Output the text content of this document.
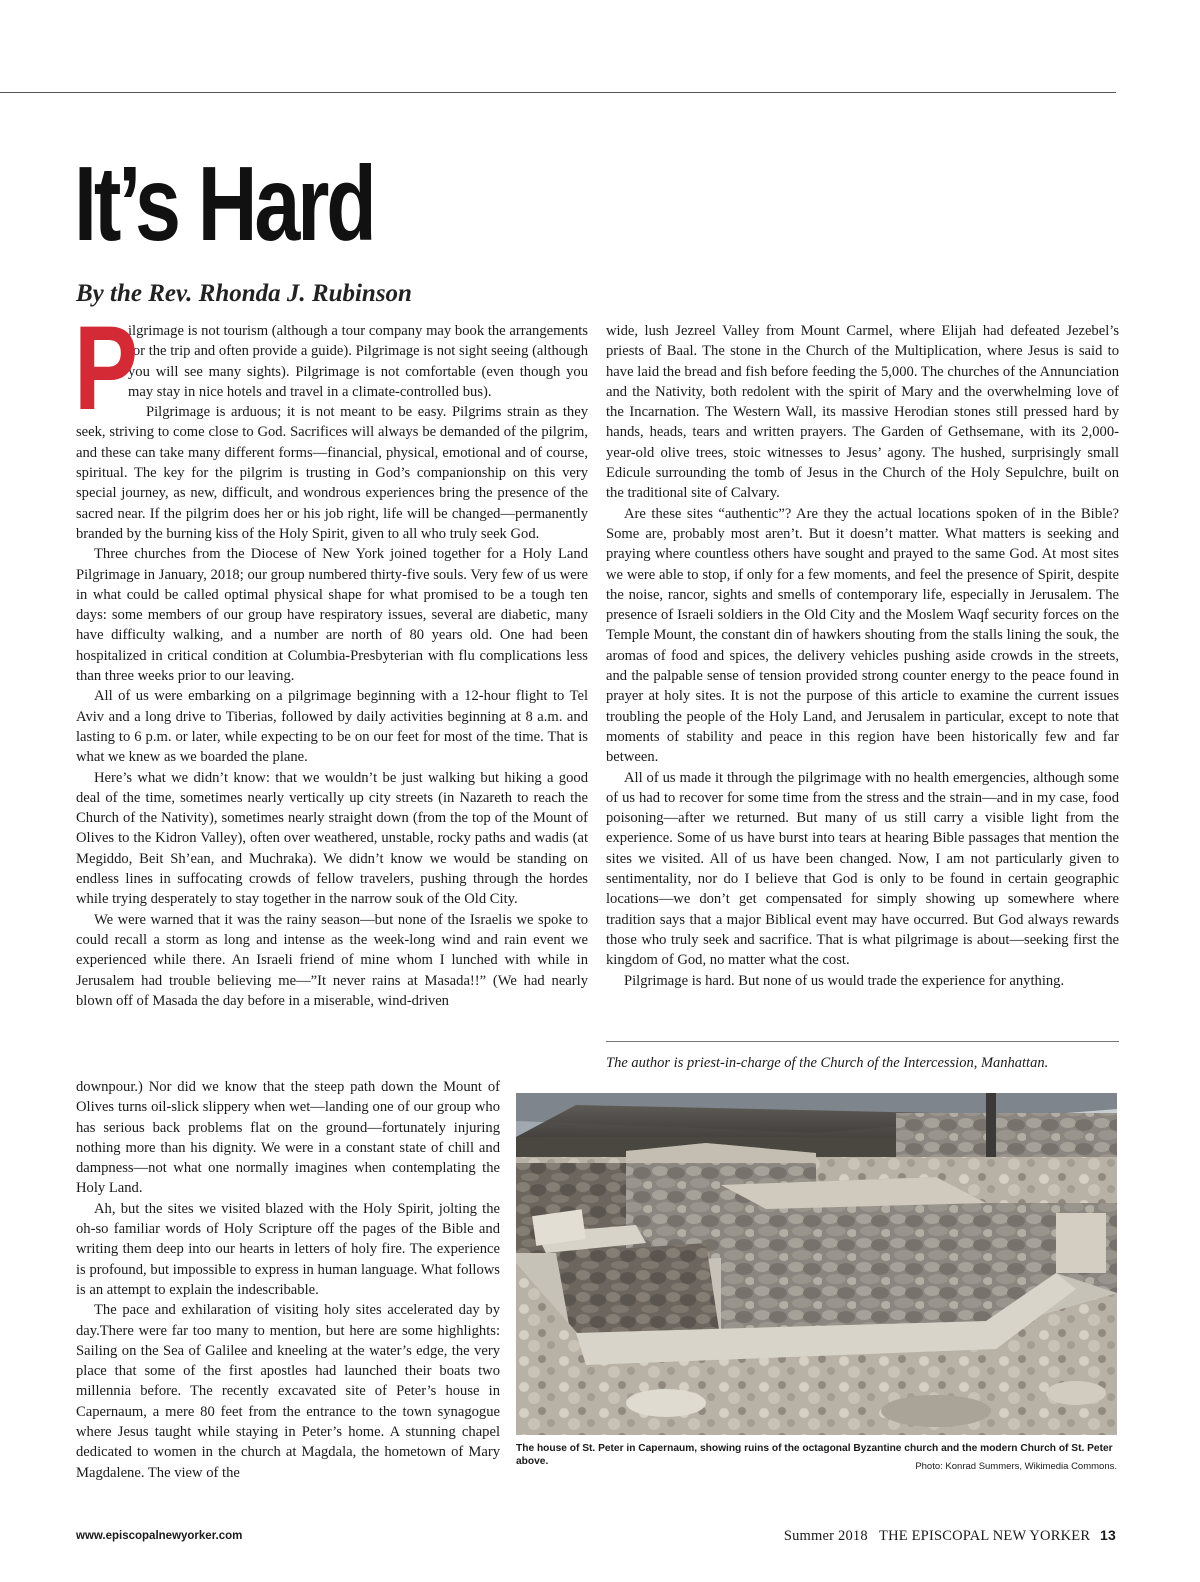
It’s Hard
By the Rev. Rhonda J. Rubinson

P
ilgrimage is not tourism (although a tour company may book the arrangements for the trip and often provide a guide). Pilgrimage is not sight seeing (although you will see many sights). Pilgrimage is not comfortable (even though you may stay in nice hotels and travel in a climate-controlled bus).

Pilgrimage is arduous; it is not meant to be easy. Pilgrims strain as they seek, striving to come close to God. Sacrifices will always be demanded of the pilgrim, and these can take many different forms—financial, physical, emotional and of course, spiritual. The key for the pilgrim is trusting in God’s companionship on this very special journey, as new, difficult, and wondrous experiences bring the presence of the sacred near. If the pilgrim does her or his job right, life will be changed—permanently branded by the burning kiss of the Holy Spirit, given to all who truly seek God.

Three churches from the Diocese of New York joined together for a Holy Land Pilgrimage in January, 2018; our group numbered thirty-five souls. Very few of us were in what could be called optimal physical shape for what promised to be a tough ten days: some members of our group have respiratory issues, several are diabetic, many have difficulty walking, and a number are north of 80 years old. One had been hospitalized in critical condition at Columbia-Presbyterian with flu complications less than three weeks prior to our leaving.

All of us were embarking on a pilgrimage beginning with a 12-hour flight to Tel Aviv and a long drive to Tiberias, followed by daily activities beginning at 8 a.m. and lasting to 6 p.m. or later, while expecting to be on our feet for most of the time. That is what we knew as we boarded the plane.

Here’s what we didn’t know: that we wouldn’t be just walking but hiking a good deal of the time, sometimes nearly vertically up city streets (in Nazareth to reach the Church of the Nativity), sometimes nearly straight down (from the top of the Mount of Olives to the Kidron Valley), often over weathered, unstable, rocky paths and wadis (at Megiddo, Beit Sh’ean, and Muchraka). We didn’t know we would be standing on endless lines in suffocating crowds of fellow travelers, pushing through the hordes while trying desperately to stay together in the narrow souk of the Old City.

We were warned that it was the rainy season—but none of the Israelis we spoke to could recall a storm as long and intense as the week-long wind and rain event we experienced while there. An Israeli friend of mine whom I lunched with while in Jerusalem had trouble believing me—”It never rains at Masada!!” (We had nearly blown off of Masada the day before in a miserable, wind-driven

downpour.) Nor did we know that the steep path down the Mount of Olives turns oil-slick slippery when wet—landing one of our group who has serious back problems flat on the ground—fortunately injuring nothing more than his dignity. We were in a constant state of chill and dampness—not what one normally imagines when contemplating the Holy Land.

Ah, but the sites we visited blazed with the Holy Spirit, jolting the oh-so familiar words of Holy Scripture off the pages of the Bible and writing them deep into our hearts in letters of holy fire. The experience is profound, but impossible to express in human language. What follows is an attempt to explain the indescribable.

The pace and exhilaration of visiting holy sites accelerated day by day.There were far too many to mention, but here are some highlights: Sailing on the Sea of Galilee and kneeling at the water’s edge, the very place that some of the first apostles had launched their boats two millennia before. The recently excavated site of Peter’s house in Capernaum, a mere 80 feet from the entrance to the town synagogue where Jesus taught while staying in Peter’s home. A stunning chapel dedicated to women in the church at Magdala, the hometown of Mary Magdalene. The view of the

wide, lush Jezreel Valley from Mount Carmel, where Elijah had defeated Jezebel’s priests of Baal. The stone in the Church of the Multiplication, where Jesus is said to have laid the bread and fish before feeding the 5,000. The churches of the Annunciation and the Nativity, both redolent with the spirit of Mary and the overwhelming love of the Incarnation. The Western Wall, its massive Herodian stones still pressed hard by hands, heads, tears and written prayers. The Garden of Gethsemane, with its 2,000-year-old olive trees, stoic witnesses to Jesus’ agony. The hushed, surprisingly small Edicule surrounding the tomb of Jesus in the Church of the Holy Sepulchre, built on the traditional site of Calvary.

Are these sites “authentic”? Are they the actual locations spoken of in the Bible? Some are, probably most aren’t. But it doesn’t matter. What matters is seeking and praying where countless others have sought and prayed to the same God. At most sites we were able to stop, if only for a few moments, and feel the presence of Spirit, despite the noise, rancor, sights and smells of contemporary life, especially in Jerusalem. The presence of Israeli soldiers in the Old City and the Moslem Waqf security forces on the Temple Mount, the constant din of hawkers shouting from the stalls lining the souk, the aromas of food and spices, the delivery vehicles pushing aside crowds in the streets, and the palpable sense of tension provided strong counter energy to the peace found in prayer at holy sites. It is not the purpose of this article to examine the current issues troubling the people of the Holy Land, and Jerusalem in particular, except to note that moments of stability and peace in this region have been historically few and far between.

All of us made it through the pilgrimage with no health emergencies, although some of us had to recover for some time from the stress and the strain—and in my case, food poisoning—after we returned. But many of us still carry a visible light from the experience. Some of us have burst into tears at hearing Bible passages that mention the sites we visited. All of us have been changed. Now, I am not particularly given to sentimentality, nor do I believe that God is only to be found in certain geographic locations—we don’t get compensated for simply showing up somewhere where tradition says that a major Biblical event may have occurred. But God always rewards those who truly seek and sacrifice. That is what pilgrimage is about—seeking first the kingdom of God, no matter what the cost.

Pilgrimage is hard. But none of us would trade the experience for anything.

The author is priest-in-charge of the Church of the Intercession, Manhattan.

The house of St. Peter in Capernaum, showing ruins of the octagonal Byzantine church and the modern Church of St. Peter above.	Photo: Konrad Summers, Wikimedia Commons.
www.episcopalnewyorker.com	Summer 2018 THE EPISCOPAL NEW YORKER 13
